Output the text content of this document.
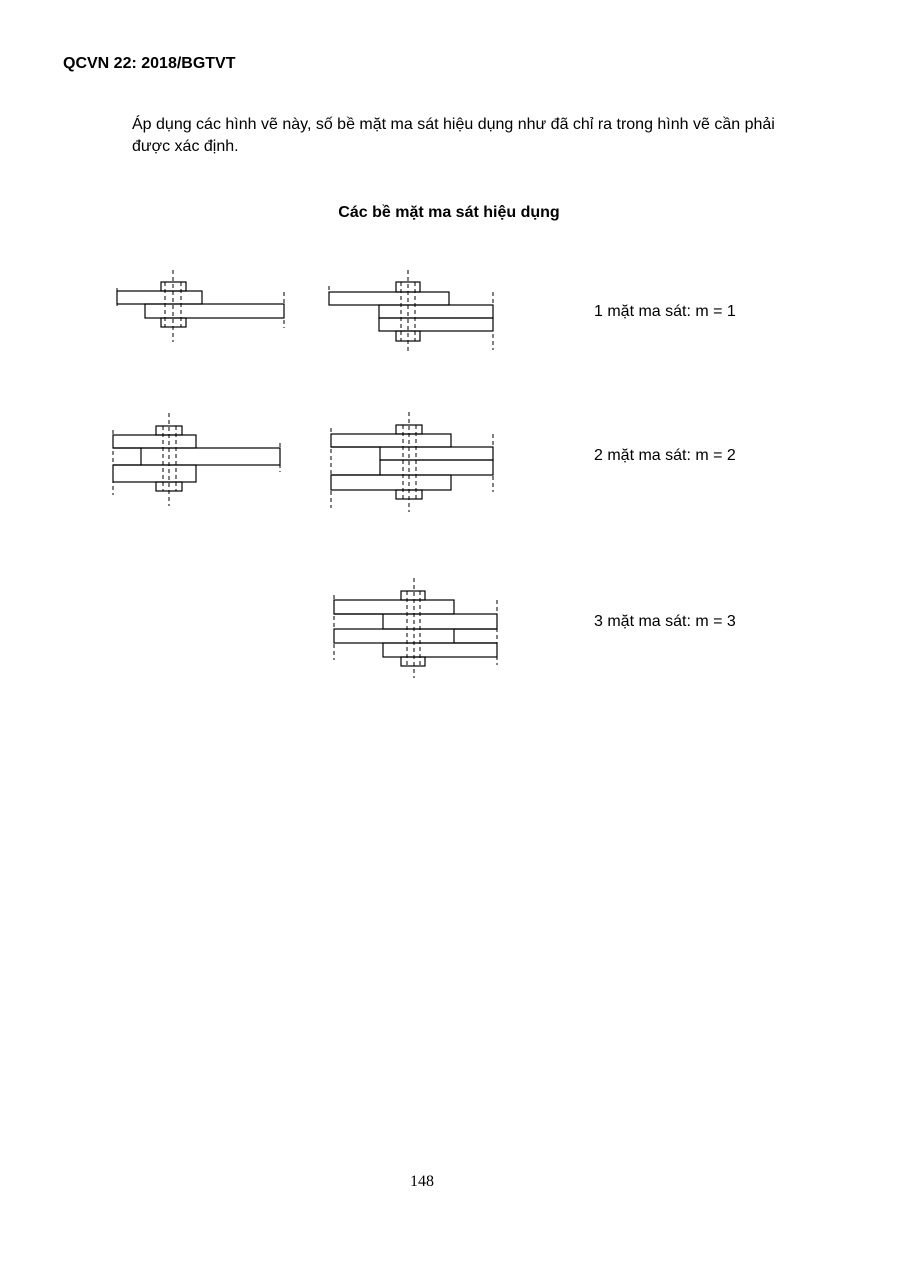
QCVN 22: 2018/BGTVT
Áp dụng các hình vẽ này, số bề mặt ma sát hiệu dụng như đã chỉ ra trong hình vẽ cần phải được xác định.
Các bề mặt ma sát hiệu dụng
1 mặt ma sát: m = 1
2 mặt ma sát: m = 2
3 mặt ma sát: m = 3
148
